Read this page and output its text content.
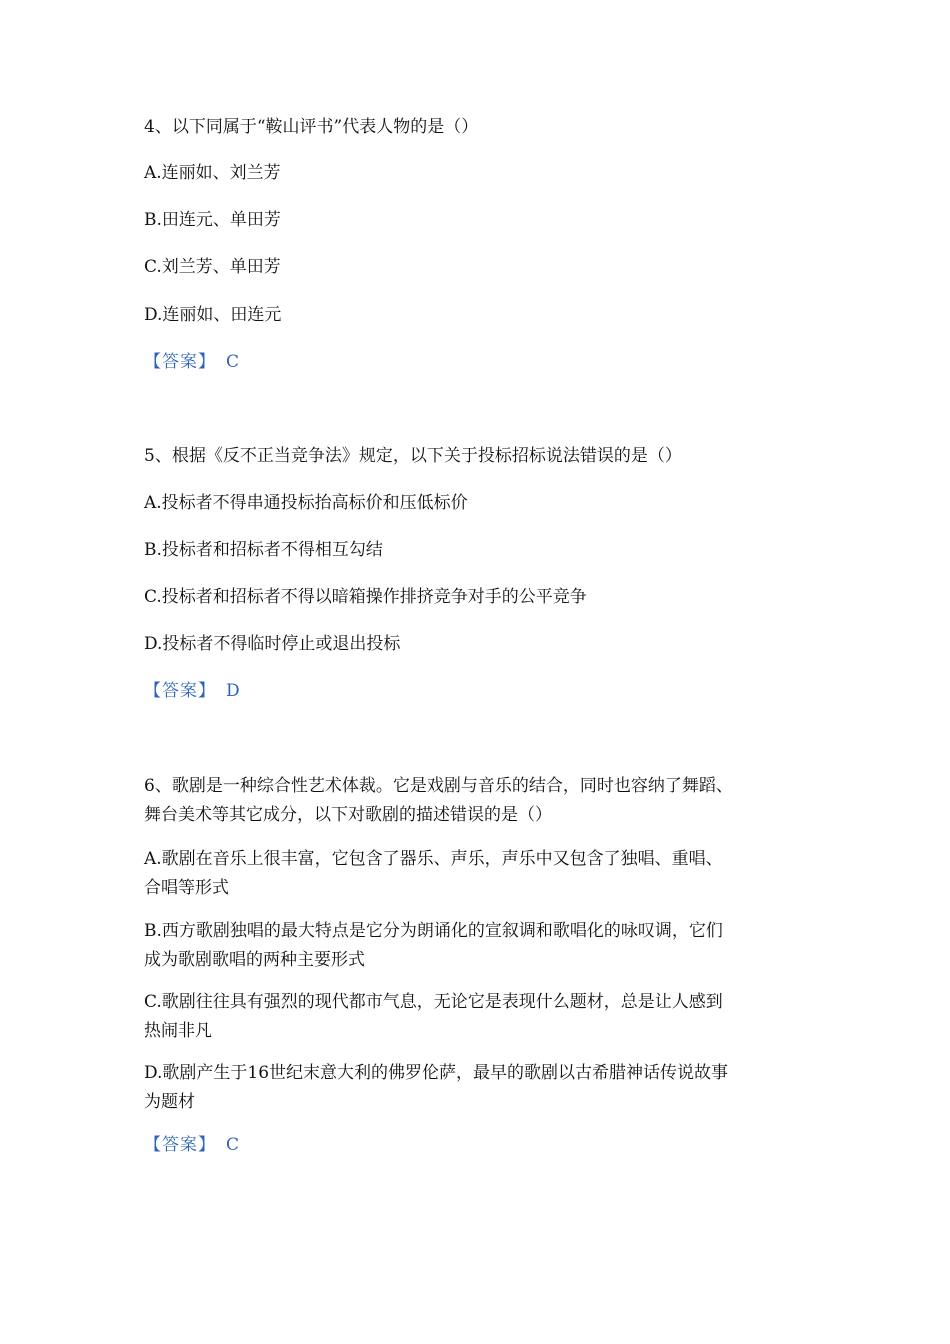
4、以下同属于“鞍山评书”代表人物的是（）

A.连丽如、刘兰芳

B.田连元、单田芳

C.刘兰芳、单田芳

D.连丽如、田连元

【答案】 C

5、根据《反不正当竞争法》规定，以下关于投标招标说法错误的是（）

A.投标者不得串通投标抬高标价和压低标价

B.投标者和招标者不得相互勾结

C.投标者和招标者不得以暗箱操作排挤竞争对手的公平竞争

D.投标者不得临时停止或退出投标

【答案】 D

6、歌剧是一种综合性艺术体裁。它是戏剧与音乐的结合，同时也容纳了舞蹈、
舞台美术等其它成分，以下对歌剧的描述错误的是（）

A.歌剧在音乐上很丰富，它包含了器乐、声乐，声乐中又包含了独唱、重唱、
合唱等形式

B.西方歌剧独唱的最大特点是它分为朗诵化的宣叙调和歌唱化的咏叹调，它们
成为歌剧歌唱的两种主要形式

C.歌剧往往具有强烈的现代都市气息，无论它是表现什么题材，总是让人感到
热闹非凡

D.歌剧产生于16世纪末意大利的佛罗伦萨，最早的歌剧以古希腊神话传说故事
为题材

【答案】 C
